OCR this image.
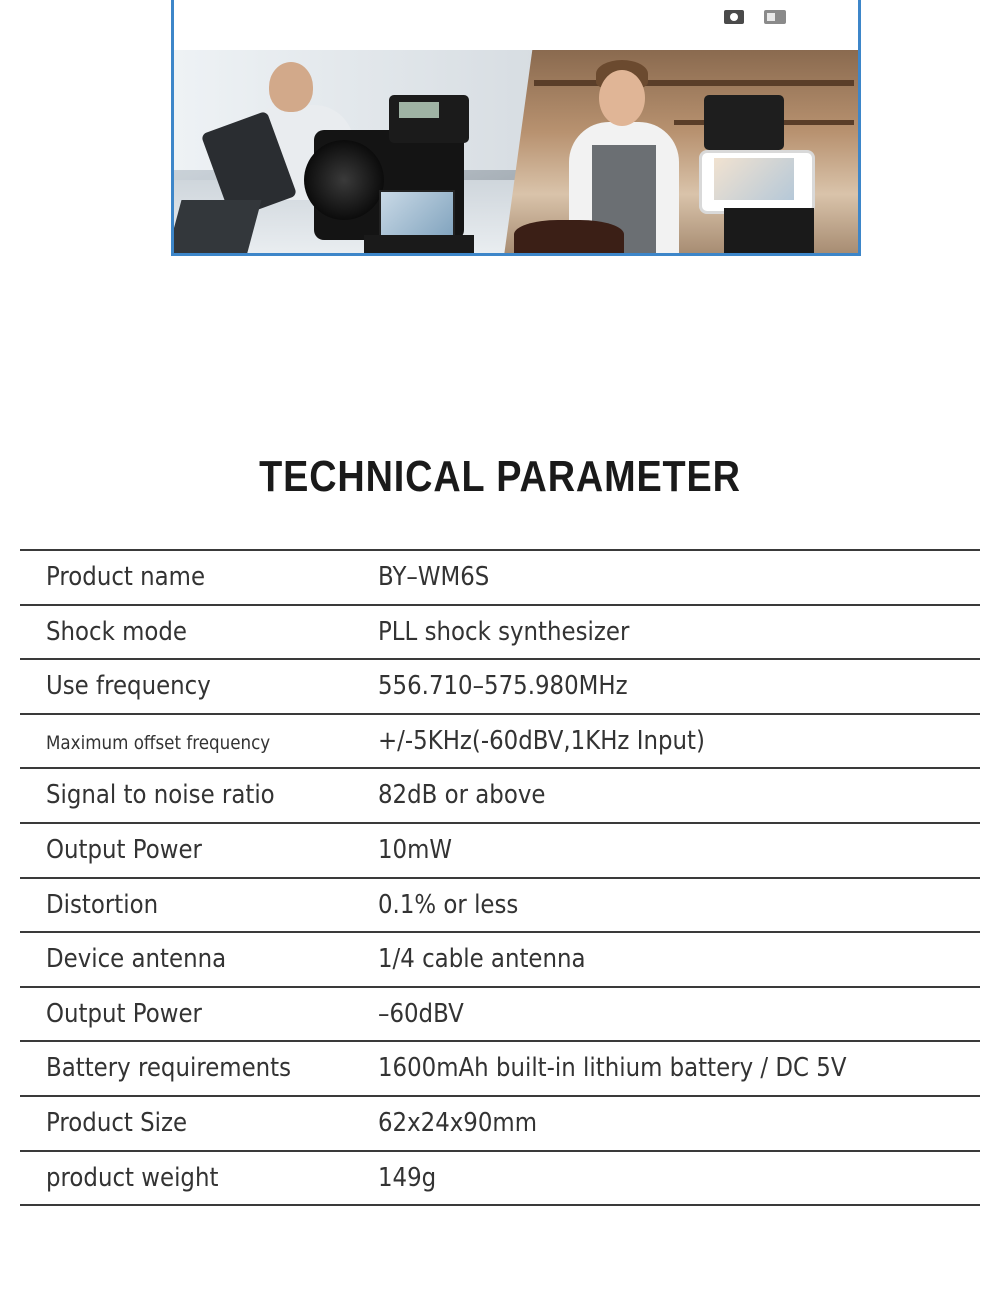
TECHNICAL PARAMETER
Product name	BY–WM6S
Shock mode	PLL shock synthesizer
Use frequency	556.710–575.980MHz
Maximum offset frequency	+/-5KHz(-60dBV,1KHz Input)
Signal to noise ratio	82dB or above
Output Power	10mW
Distortion	0.1% or less
Device antenna	1/4 cable antenna
Output Power	–60dBV
Battery requirements	1600mAh built-in lithium battery / DC 5V
Product Size	62x24x90mm
product weight	149g
